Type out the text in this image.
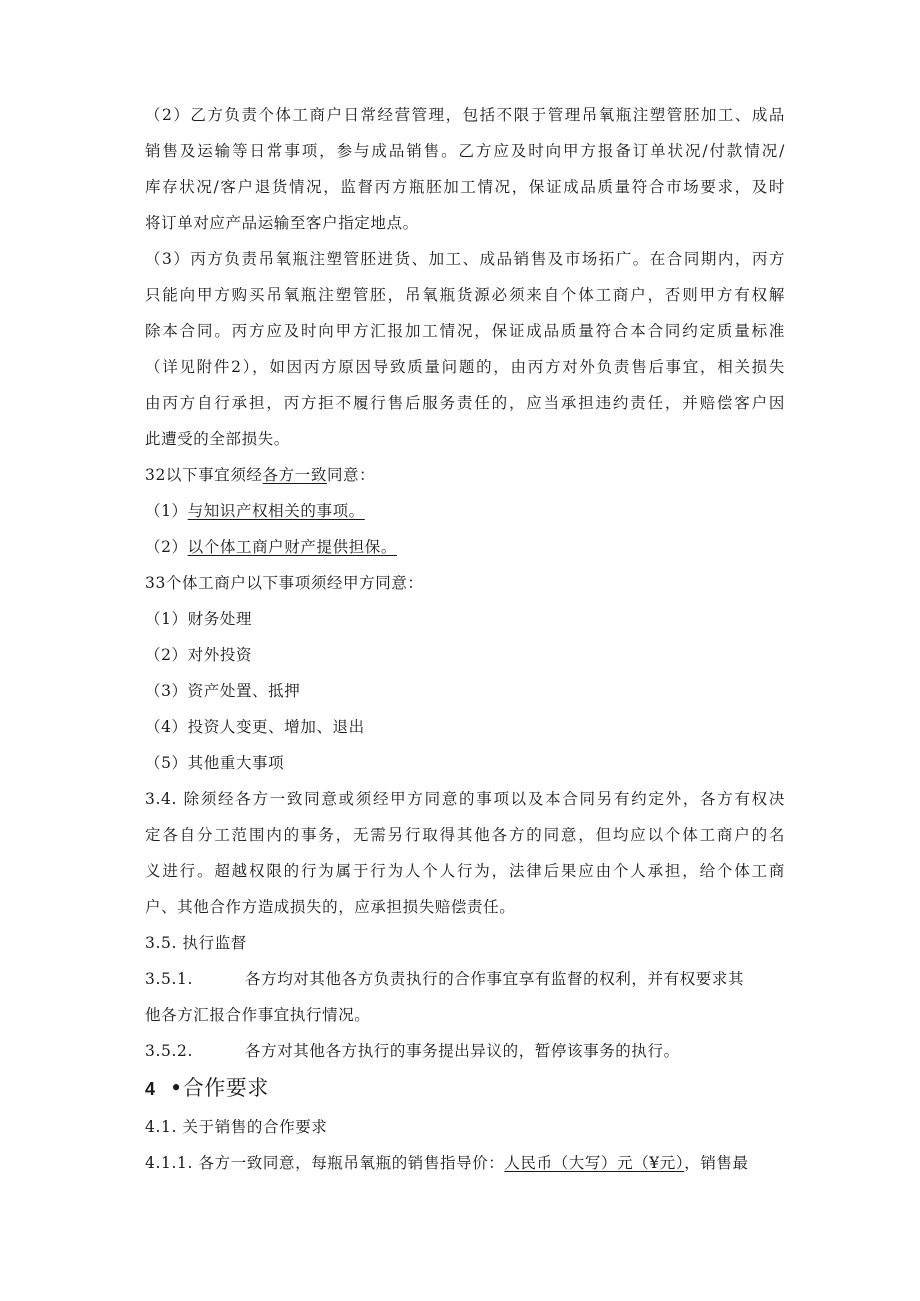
（2）乙方负责个体工商户日常经营管理，包括不限于管理吊氧瓶注塑管胚加工、成品
销售及运输等日常事项，参与成品销售。乙方应及时向甲方报备订单状况/付款情况/
库存状况/客户退货情况，监督丙方瓶胚加工情况，保证成品质量符合市场要求，及时
将订单对应产品运输至客户指定地点。
（3）丙方负责吊氧瓶注塑管胚进货、加工、成品销售及市场拓广。在合同期内，丙方
只能向甲方购买吊氧瓶注塑管胚，吊氧瓶货源必须来自个体工商户，否则甲方有权解
除本合同。丙方应及时向甲方汇报加工情况，保证成品质量符合本合同约定质量标准
（详见附件2），如因丙方原因导致质量问题的，由丙方对外负责售后事宜，相关损失
由丙方自行承担，丙方拒不履行售后服务责任的，应当承担违约责任，并赔偿客户因
此遭受的全部损失。
32以下事宜须经各方一致同意：
（1）与知识产权相关的事项。
（2）以个体工商户财产提供担保。
33个体工商户以下事项须经甲方同意：
（1）财务处理
（2）对外投资
（3）资产处置、抵押
（4）投资人变更、增加、退出
（5）其他重大事项
3.4. 除须经各方一致同意或须经甲方同意的事项以及本合同另有约定外，各方有权决
定各自分工范围内的事务，无需另行取得其他各方的同意，但均应以个体工商户的名
义进行。超越权限的行为属于行为人个人行为，法律后果应由个人承担，给个体工商
户、其他合作方造成损失的，应承担损失赔偿责任。
3.5. 执行监督
3.5.1.	各方均对其他各方负责执行的合作事宜享有监督的权利，并有权要求其
他各方汇报合作事宜执行情况。
3.5.2.	各方对其他各方执行的事务提出异议的，暂停该事务的执行。
4 •合作要求
4.1. 关于销售的合作要求
4.1.1. 各方一致同意，每瓶吊氧瓶的销售指导价：人民币（大写）元（¥元），销售最
